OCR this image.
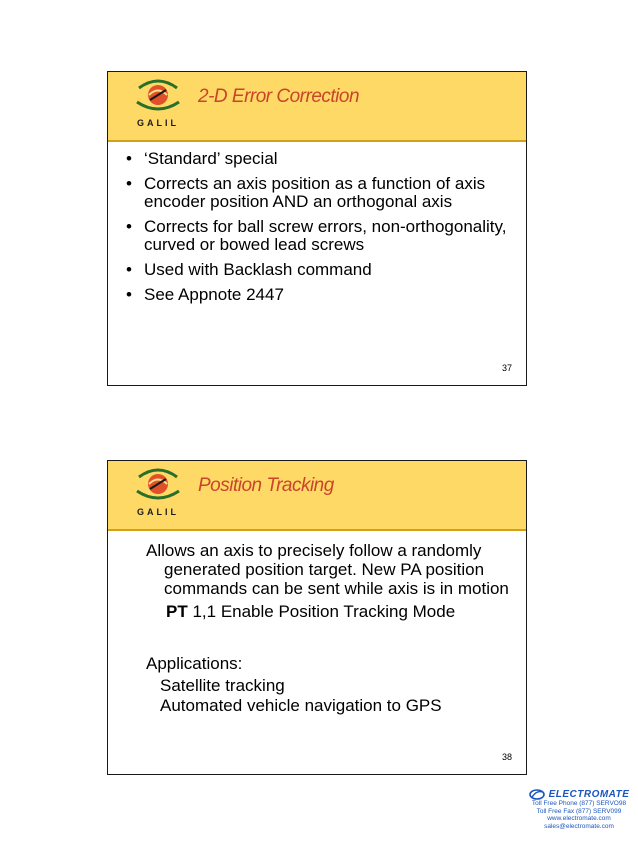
GALIL
2-D Error Correction
• ‘Standard’ special
• Corrects an axis position as a function of axis encoder position AND an orthogonal axis
• Corrects for ball screw errors, non-orthogonality, curved or bowed lead screws
• Used with Backlash command
• See Appnote 2447
37
GALIL
Position Tracking
Allows an axis to precisely follow a randomly generated position target. New PA position commands can be sent while axis is in motion
PT 1,1 Enable Position Tracking Mode
Applications:
Satellite tracking
Automated vehicle navigation to GPS
38
ELECTROMATE
Toll Free Phone (877) SERVO98
Toll Free Fax (877) SERV099
www.electromate.com
sales@electromate.com
